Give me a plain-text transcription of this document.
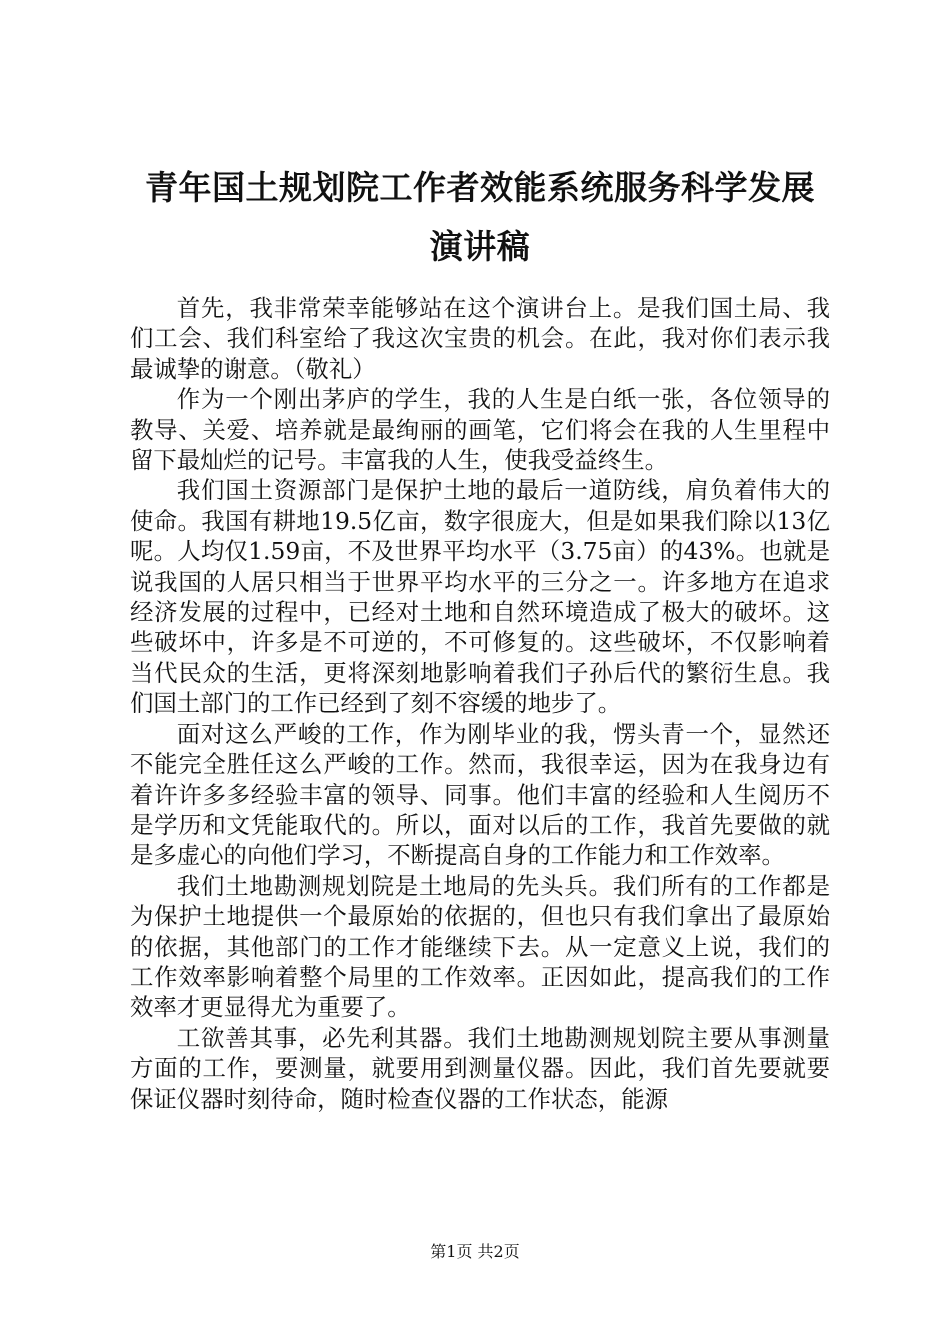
青年国土规划院工作者效能系统服务科学发展
演讲稿

首先，我非常荣幸能够站在这个演讲台上。是我们国土局、我们工会、我们科室给了我这次宝贵的机会。在此，我对你们表示我最诚挚的谢意。（敬礼）

作为一个刚出茅庐的学生，我的人生是白纸一张，各位领导的教导、关爱、培养就是最绚丽的画笔，它们将会在我的人生里程中留下最灿烂的记号。丰富我的人生，使我受益终生。

我们国土资源部门是保护土地的最后一道防线，肩负着伟大的使命。我国有耕地19.5亿亩，数字很庞大，但是如果我们除以13亿呢。人均仅1.59亩，不及世界平均水平（3.75亩）的43%。也就是说我国的人居只相当于世界平均水平的三分之一。许多地方在追求经济发展的过程中，已经对土地和自然环境造成了极大的破坏。这些破坏中，许多是不可逆的，不可修复的。这些破坏，不仅影响着当代民众的生活，更将深刻地影响着我们子孙后代的繁衍生息。我们国土部门的工作已经到了刻不容缓的地步了。

面对这么严峻的工作，作为刚毕业的我，愣头青一个，显然还不能完全胜任这么严峻的工作。然而，我很幸运，因为在我身边有着许许多多经验丰富的领导、同事。他们丰富的经验和人生阅历不是学历和文凭能取代的。所以，面对以后的工作，我首先要做的就是多虚心的向他们学习，不断提高自身的工作能力和工作效率。

我们土地勘测规划院是土地局的先头兵。我们所有的工作都是为保护土地提供一个最原始的依据的，但也只有我们拿出了最原始的依据，其他部门的工作才能继续下去。从一定意义上说，我们的工作效率影响着整个局里的工作效率。正因如此，提高我们的工作效率才更显得尤为重要了。

工欲善其事，必先利其器。我们土地勘测规划院主要从事测量方面的工作，要测量，就要用到测量仪器。因此，我们首先要就要保证仪器时刻待命，随时检查仪器的工作状态，能源

第1页 共2页
